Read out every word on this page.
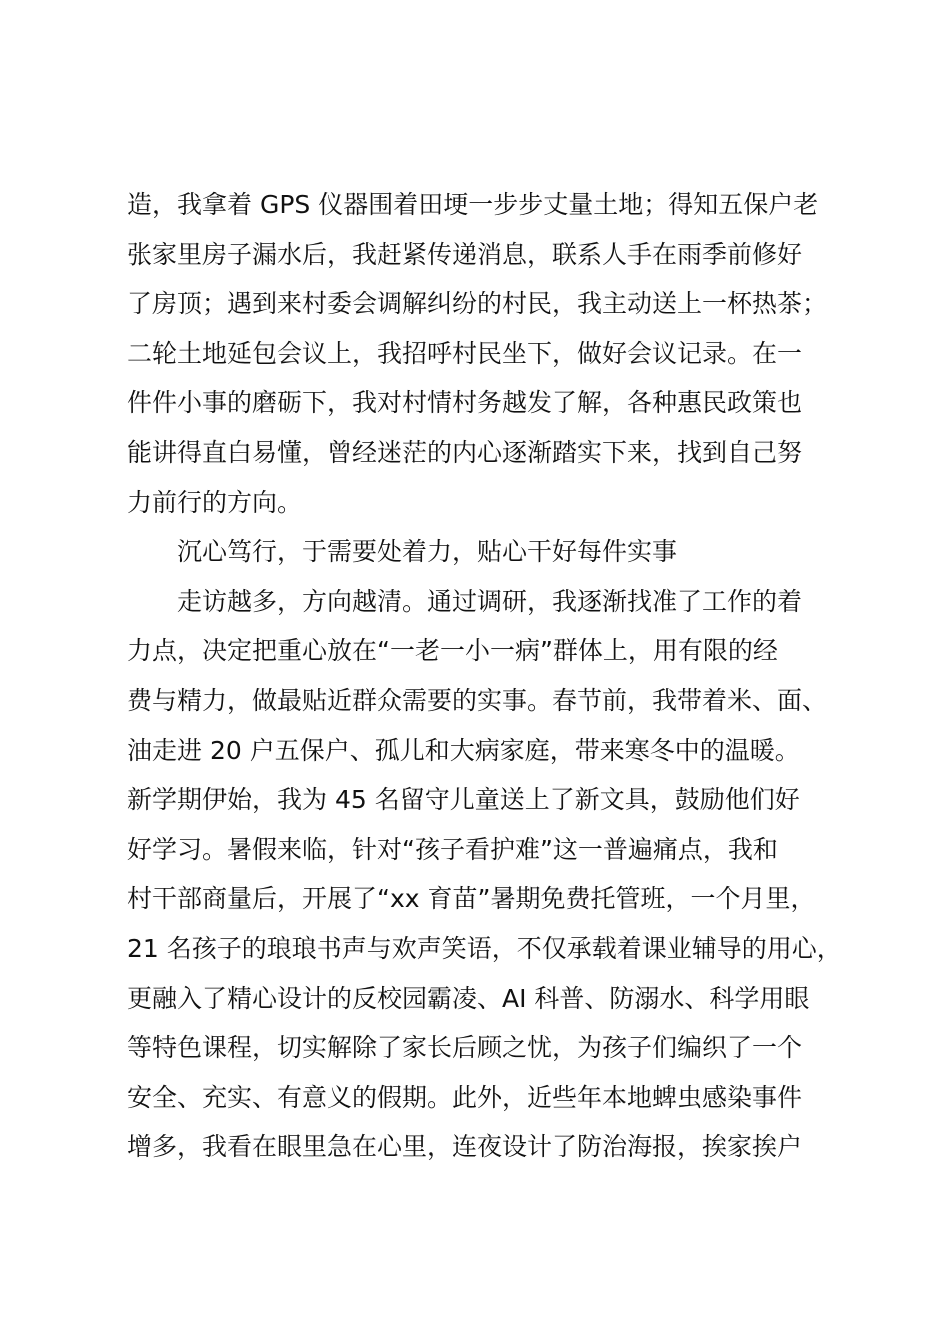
造，我拿着 GPS 仪器围着田埂一步步丈量土地；得知五保户老
张家里房子漏水后，我赶紧传递消息，联系人手在雨季前修好
了房顶；遇到来村委会调解纠纷的村民，我主动送上一杯热茶；
二轮土地延包会议上，我招呼村民坐下，做好会议记录。在一
件件小事的磨砺下，我对村情村务越发了解，各种惠民政策也
能讲得直白易懂，曾经迷茫的内心逐渐踏实下来，找到自己努
力前行的方向。
沉心笃行，于需要处着力，贴心干好每件实事
走访越多，方向越清。通过调研，我逐渐找准了工作的着
力点，决定把重心放在“一老一小一病”群体上，用有限的经
费与精力，做最贴近群众需要的实事。春节前，我带着米、面、
油走进 20 户五保户、孤儿和大病家庭，带来寒冬中的温暖。
新学期伊始，我为 45 名留守儿童送上了新文具，鼓励他们好
好学习。暑假来临，针对“孩子看护难”这一普遍痛点，我和
村干部商量后，开展了“xx 育苗”暑期免费托管班，一个月里，
21 名孩子的琅琅书声与欢声笑语，不仅承载着课业辅导的用心，
更融入了精心设计的反校园霸凌、AI 科普、防溺水、科学用眼
等特色课程，切实解除了家长后顾之忧，为孩子们编织了一个
安全、充实、有意义的假期。此外，近些年本地蜱虫感染事件
增多，我看在眼里急在心里，连夜设计了防治海报，挨家挨户
